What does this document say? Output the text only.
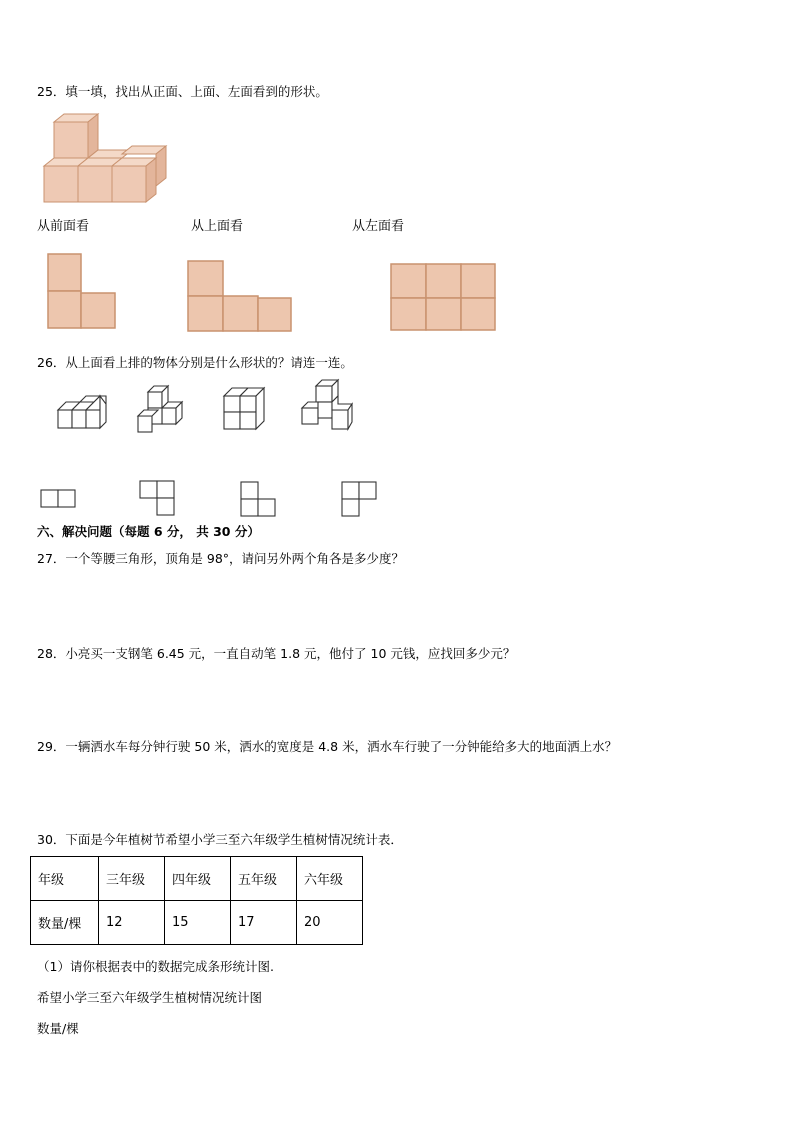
25．填一填，找出从正面、上面、左面看到的形状。
从前面看	从上面看	从左面看
26．从上面看上排的物体分别是什么形状的？请连一连。
六、解决问题（每题 6 分， 共 30 分）
27．一个等腰三角形，顶角是 98°，请问另外两个角各是多少度？
28．小亮买一支钢笔 6.45 元，一直自动笔 1.8 元，他付了 10 元钱，应找回多少元？
29．一辆洒水车每分钟行驶 50 米，洒水的宽度是 4.8 米，洒水车行驶了一分钟能给多大的地面洒上水？
30．下面是今年植树节希望小学三至六年级学生植树情况统计表．
年级	三年级	四年级	五年级	六年级
数量/棵	12	15	17	20
（1）请你根据表中的数据完成条形统计图.
希望小学三至六年级学生植树情况统计图
数量/棵
